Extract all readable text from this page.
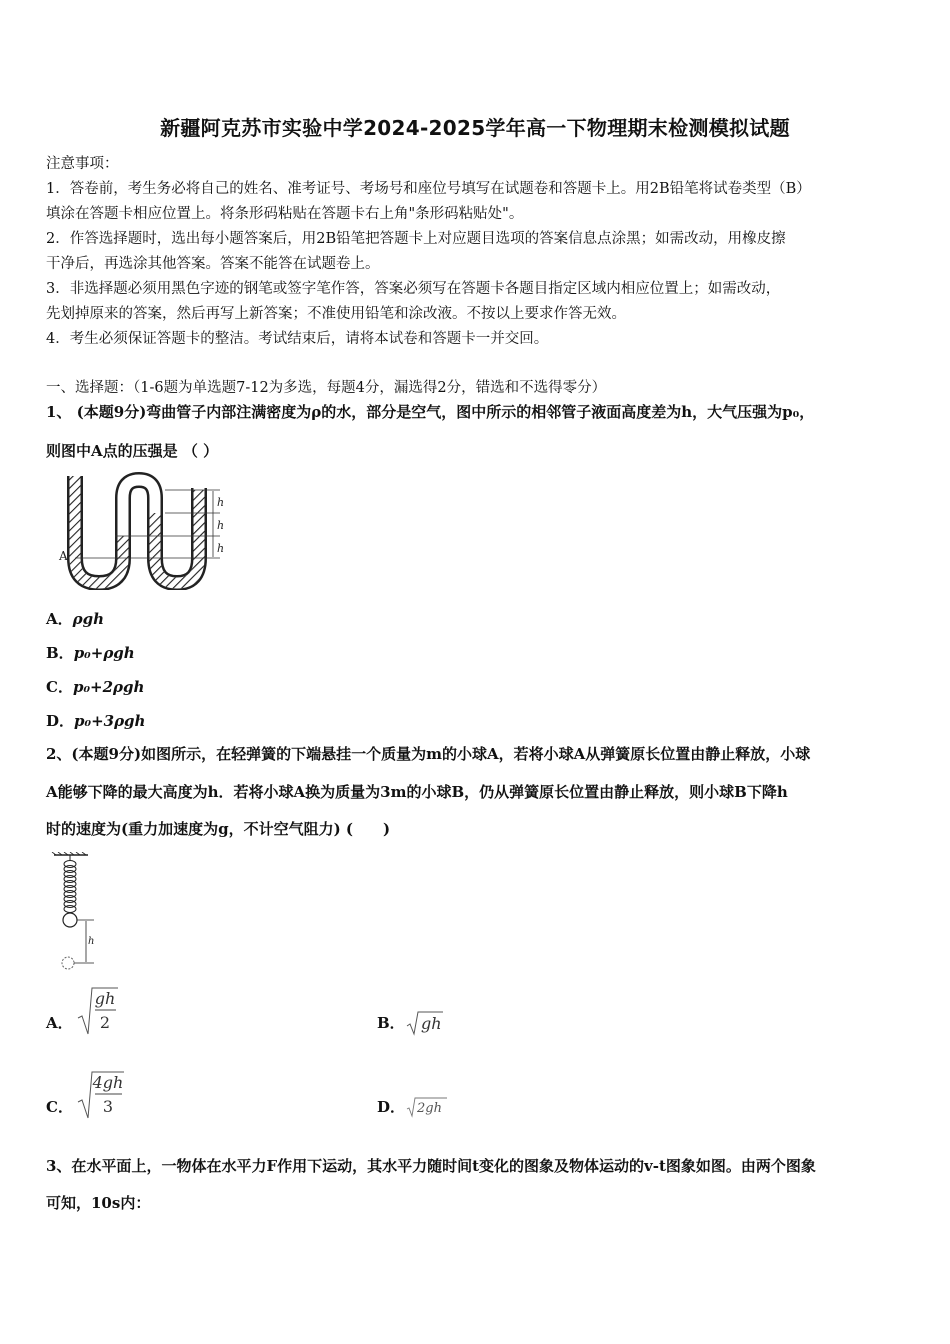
新疆阿克苏市实验中学2024-2025学年高一下物理期末检测模拟试题
注意事项：
1．答卷前，考生务必将自己的姓名、准考证号、考场号和座位号填写在试题卷和答题卡上。用2B铅笔将试卷类型（B）
填涂在答题卡相应位置上。将条形码粘贴在答题卡右上角"条形码粘贴处"。
2．作答选择题时，选出每小题答案后，用2B铅笔把答题卡上对应题目选项的答案信息点涂黑；如需改动，用橡皮擦
干净后，再选涂其他答案。答案不能答在试题卷上。
3．非选择题必须用黑色字迹的钢笔或签字笔作答，答案必须写在答题卡各题目指定区域内相应位置上；如需改动，
先划掉原来的答案，然后再写上新答案；不准使用铅笔和涂改液。不按以上要求作答无效。
4．考生必须保证答题卡的整洁。考试结束后，请将本试卷和答题卡一并交回。
一、选择题：（1-6题为单选题7-12为多选，每题4分，漏选得2分，错选和不选得零分）
1、 (本题9分)弯曲管子内部注满密度为ρ的水，部分是空气，图中所示的相邻管子液面高度差为h，大气压强为p₀，
则图中A点的压强是 （ ）
h
h
h
A
A．ρgh
B．p₀+ρgh
C．p₀+2ρgh
D．p₀+3ρgh
2、(本题9分)如图所示，在轻弹簧的下端悬挂一个质量为m的小球A，若将小球A从弹簧原长位置由静止释放，小球
A能够下降的最大高度为h．若将小球A换为质量为3m的小球B，仍从弹簧原长位置由静止释放，则小球B下降h
时的速度为(重力加速度为g，不计空气阻力) (　　)
h
A．
gh
2	B． gh
C．
4gh
3	D． 2gh
3、在水平面上，一物体在水平力F作用下运动，其水平力随时间t变化的图象及物体运动的v-t图象如图。由两个图象
可知，10s内：
